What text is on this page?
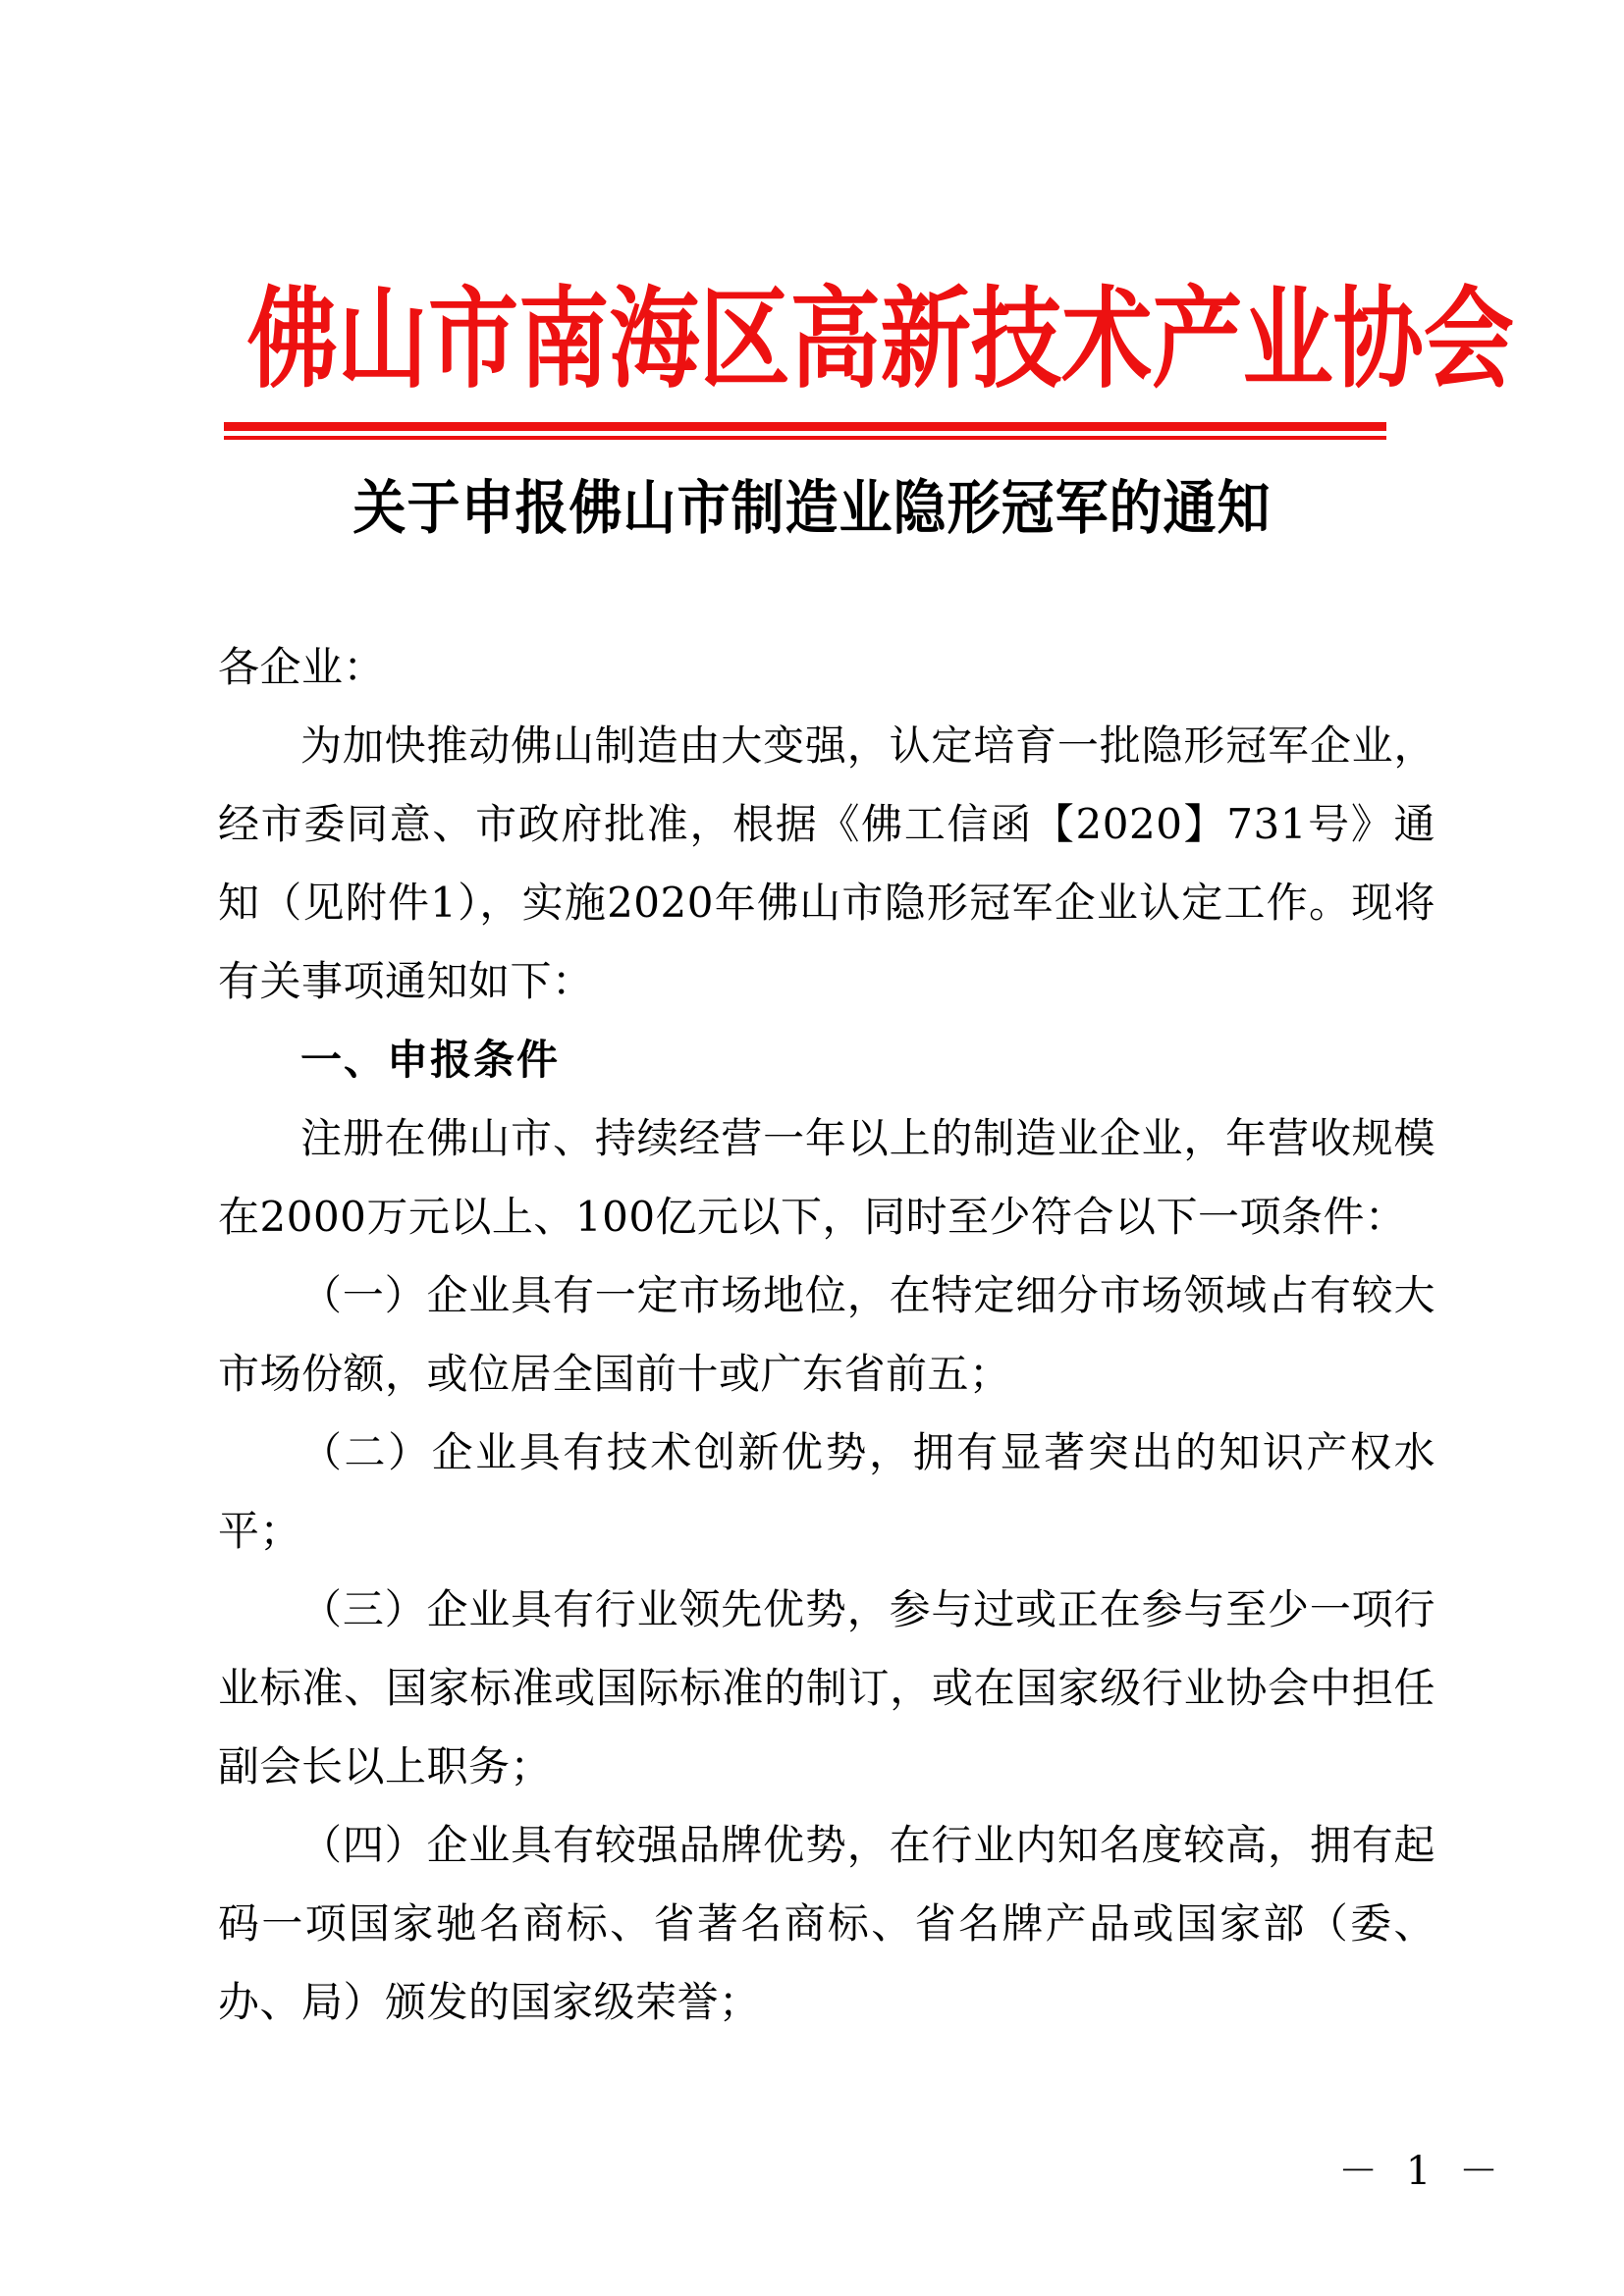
佛山市南海区高新技术产业协会
关于申报佛山市制造业隐形冠军的通知

各企业：

为加快推动佛山制造由大变强，认定培育一批隐形冠军企业，经市委同意、市政府批准，根据《佛工信函【2020】731号》通知（见附件1），实施2020年佛山市隐形冠军企业认定工作。现将有关事项通知如下：

一、申报条件

注册在佛山市、持续经营一年以上的制造业企业，年营收规模在2000万元以上、100亿元以下，同时至少符合以下一项条件：

（一）企业具有一定市场地位，在特定细分市场领域占有较大市场份额，或位居全国前十或广东省前五；

（二）企业具有技术创新优势，拥有显著突出的知识产权水平；

（三）企业具有行业领先优势，参与过或正在参与至少一项行业标准、国家标准或国际标准的制订，或在国家级行业协会中担任副会长以上职务；

（四）企业具有较强品牌优势，在行业内知名度较高，拥有起码一项国家驰名商标、省著名商标、省名牌产品或国家部（委、办、局）颁发的国家级荣誉；

－ 1 －
